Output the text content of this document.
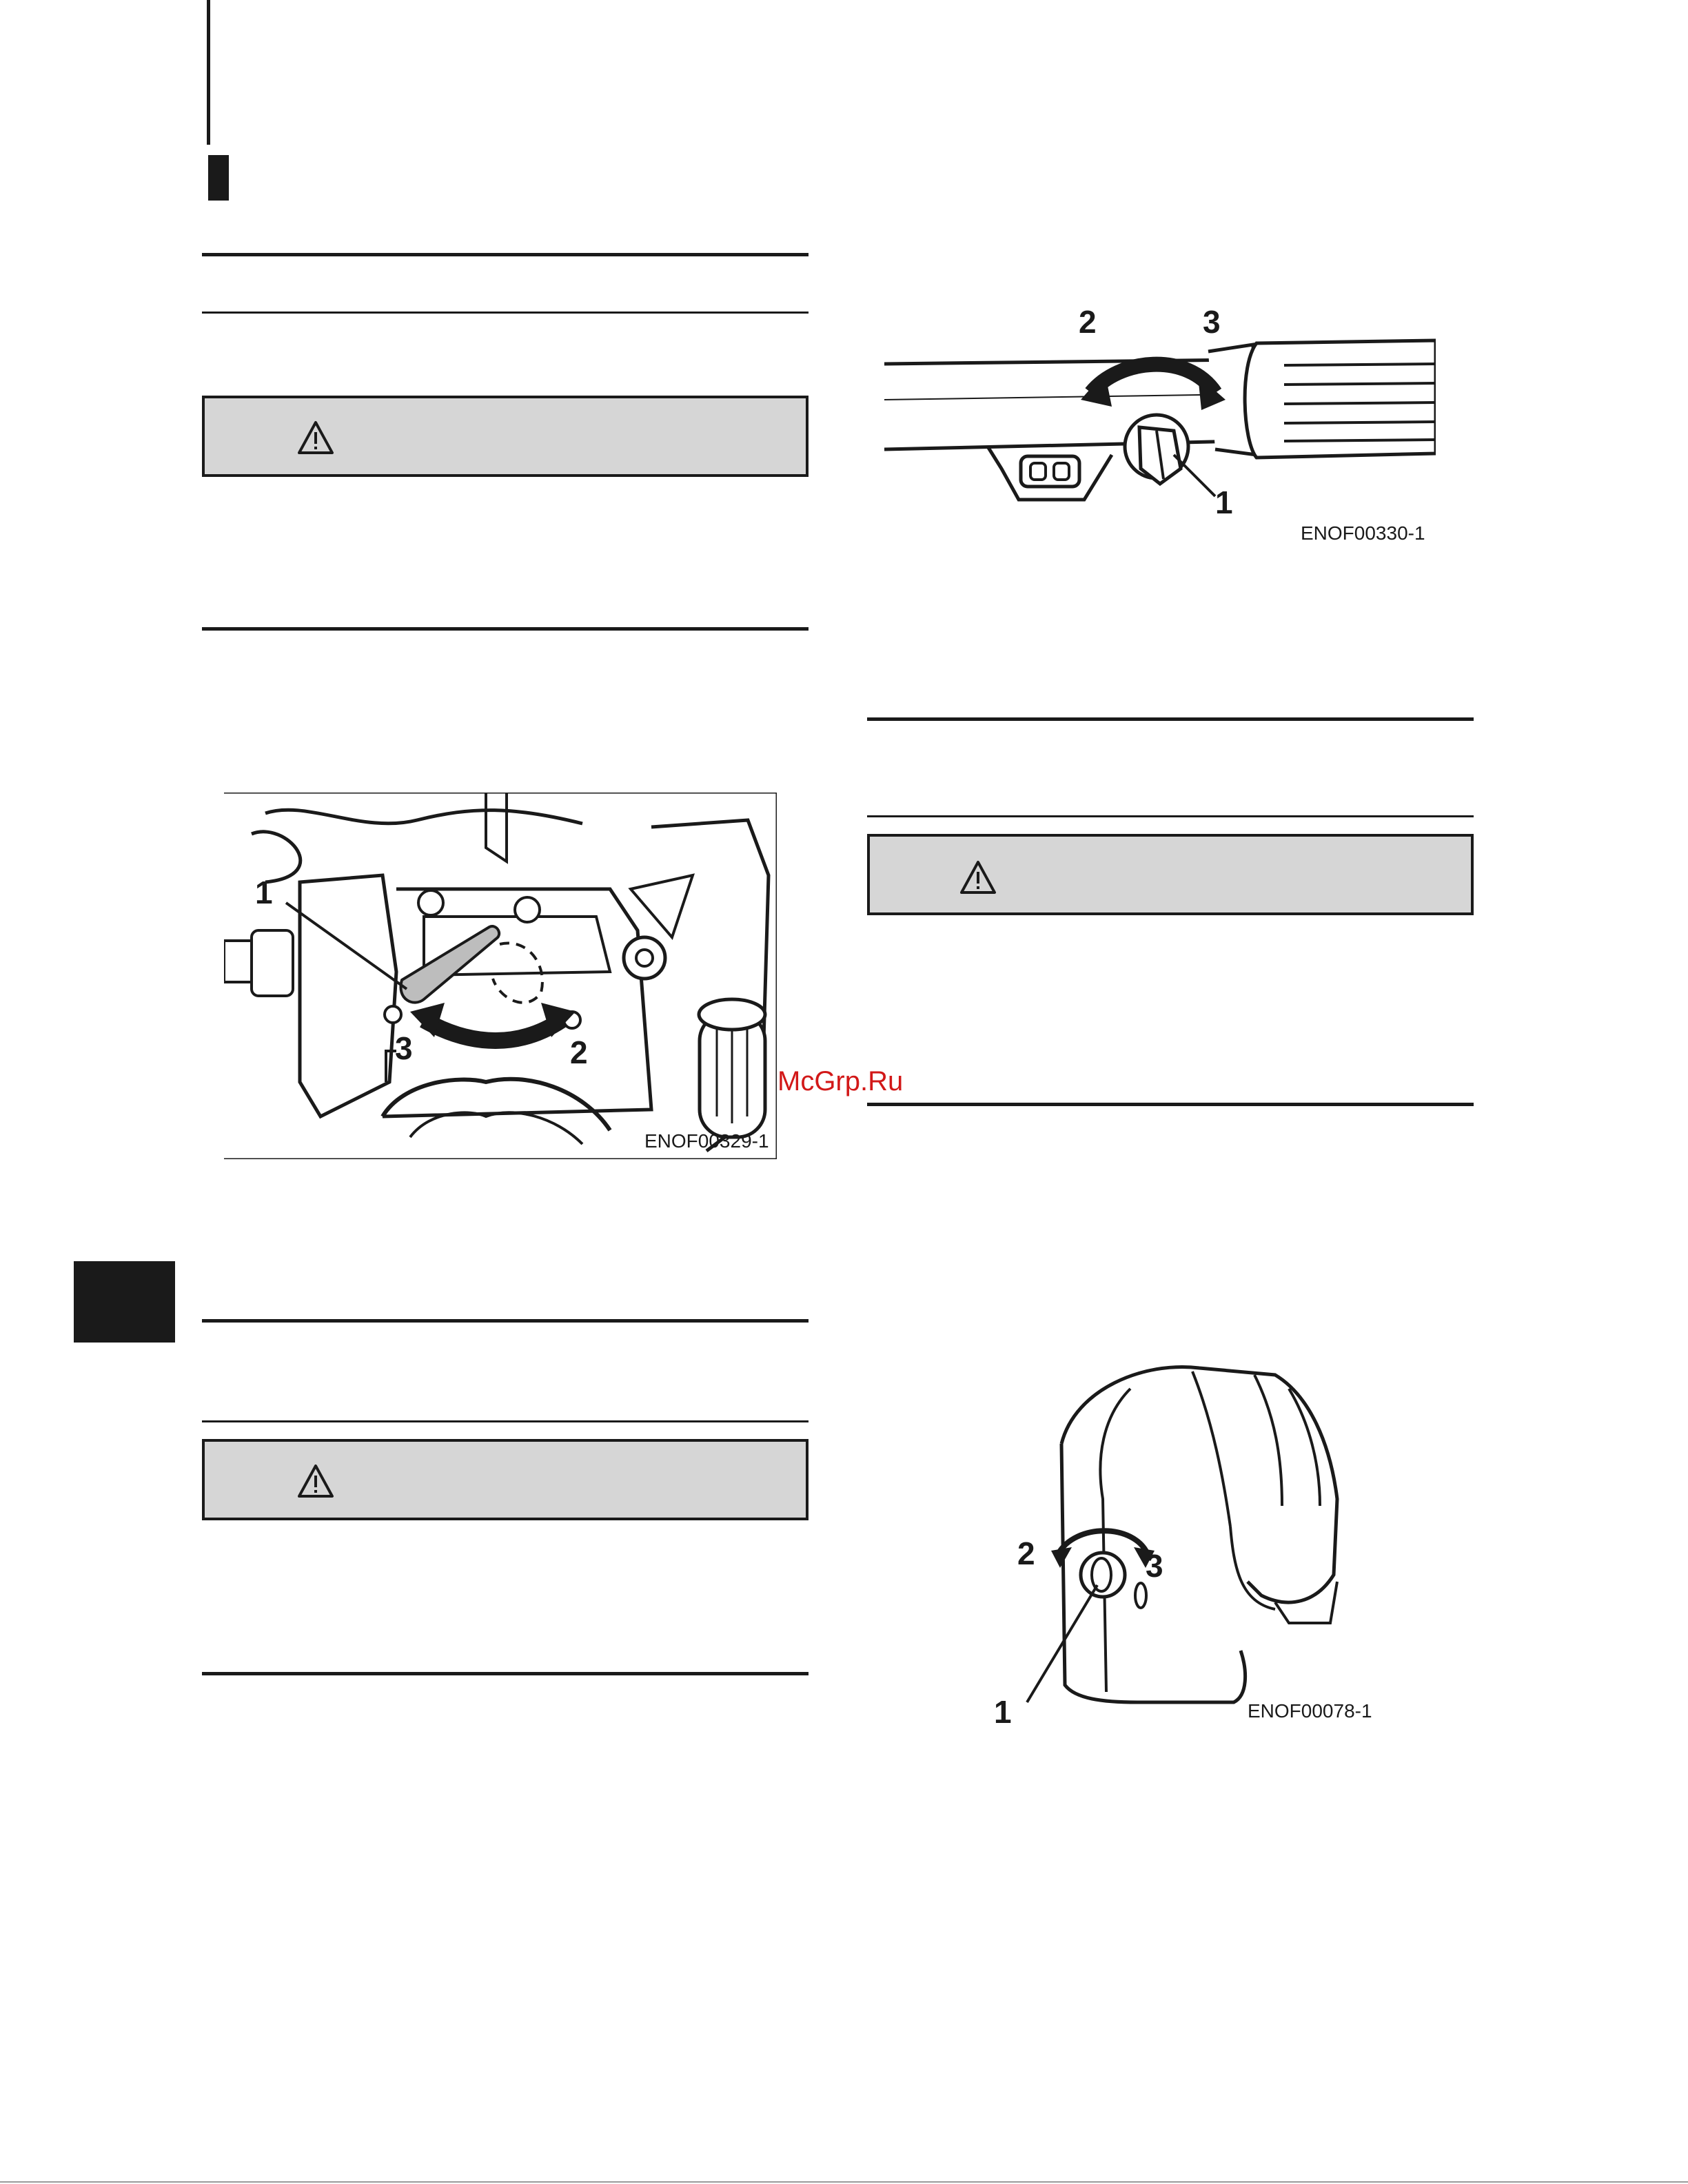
1
2
3
ENOF00329-1
1
2	3
ENOF00330-1
McGrp.Ru
1
2	3
ENOF00078-1
